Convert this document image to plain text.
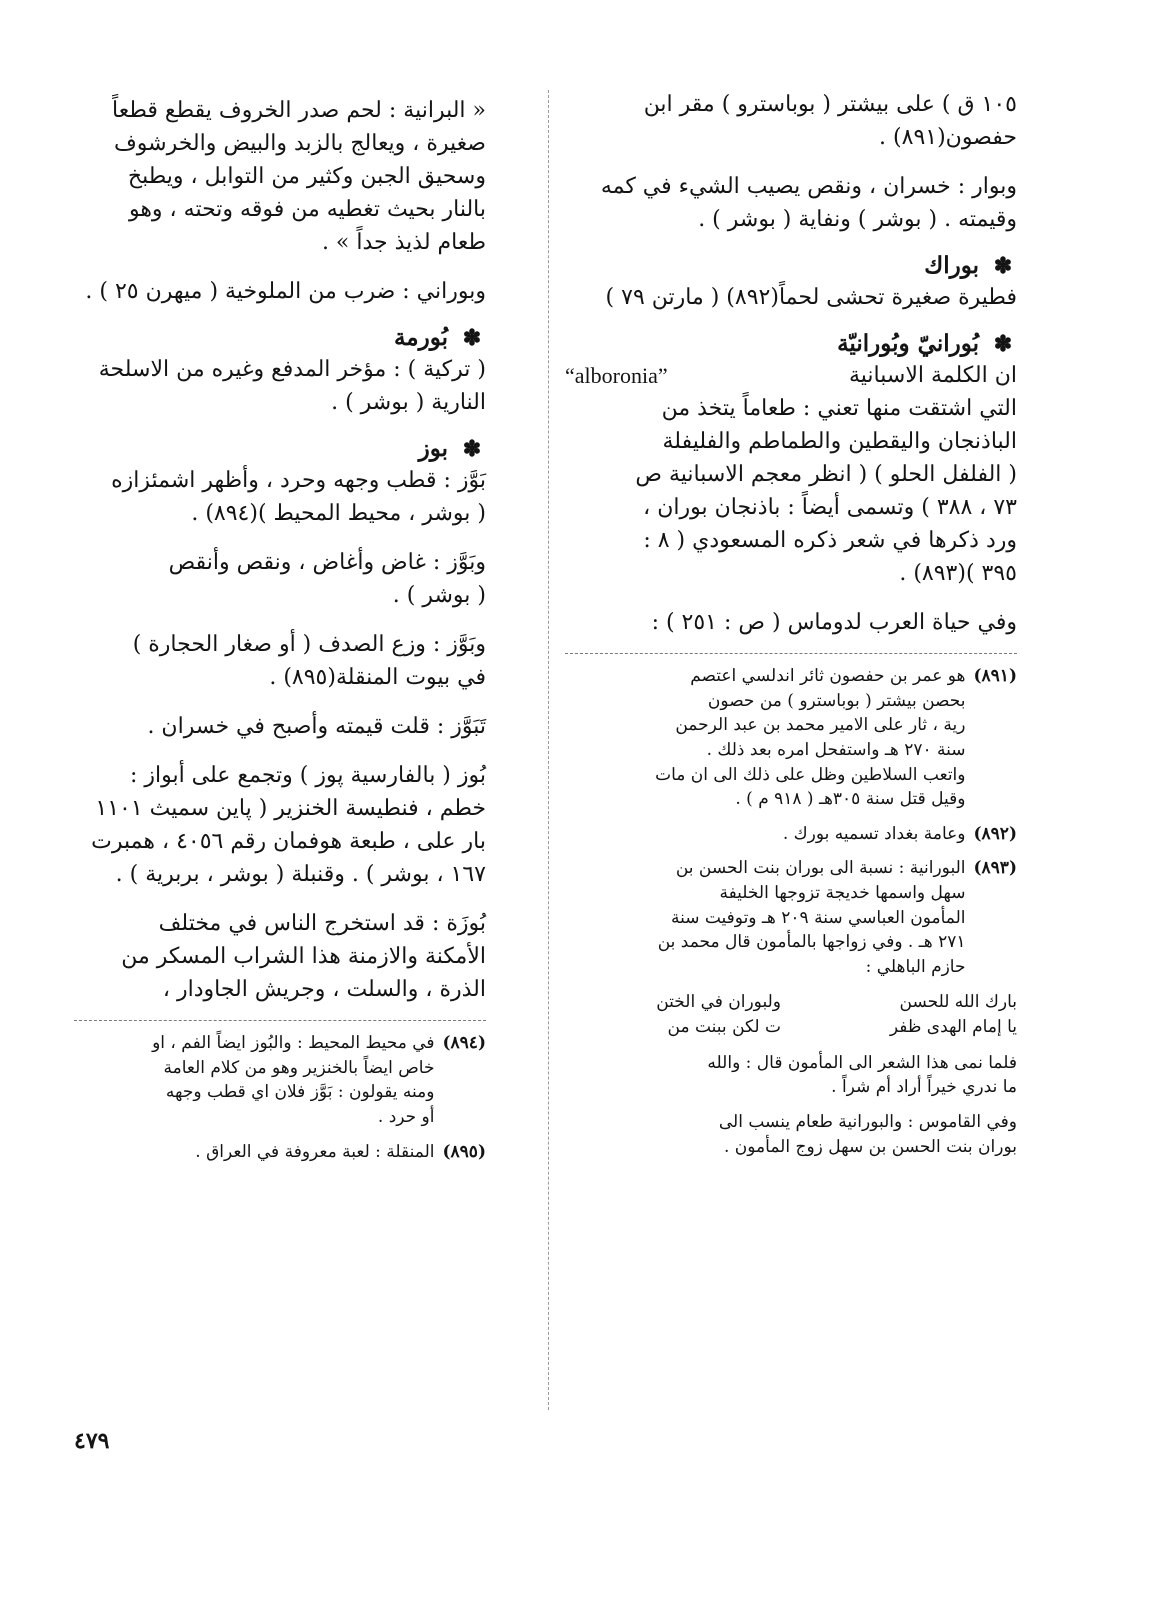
١٠٥ ق ) على بيشتر ( بوباسترو ) مقر ابن
حفصون(٨٩١) .

وبوار : خسران ، ونقص يصيب الشيء في كمه
وقيمته . ( بوشر ) ونفاية ( بوشر ) .

✽
بوراك

فطيرة صغيرة تحشى لحماً(٨٩٢) ( مارتن ٧٩ )

✽
بُورانيّ وبُورانيّة
ان الكلمة الاسبانية
“alboronia”

التي اشتقت منها تعني : طعاماً يتخذ من
الباذنجان واليقطين والطماطم والفليفلة
( الفلفل الحلو ) ( انظر معجم الاسبانية ص
٧٣ ، ٣٨٨ ) وتسمى أيضاً : باذنجان بوران ،
ورد ذكرها في شعر ذكره المسعودي ( ٨ :
٣٩٥ )(٨٩٣) .

وفي حياة العرب لدوماس ( ص : ٢٥١ ) :

(٨٩١)
هو عمر بن حفصون ثائر اندلسي اعتصم
بحصن بيشتر ( بوباسترو ) من حصون
رية ، ثار على الامير محمد بن عبد الرحمن
سنة ٢٧٠ هـ واستفحل امره بعد ذلك .
واتعب السلاطين وظل على ذلك الى ان مات
وقيل قتل سنة ٣٠٥هـ ( ٩١٨ م ) .
(٨٩٢)
وعامة بغداد تسميه بورك .
(٨٩٣)
البورانية : نسبة الى بوران بنت الحسن بن
سهل واسمها خديجة تزوجها الخليفة
المأمون العباسي سنة ٢٠٩ هـ وتوفيت سنة
٢٧١ هـ . وفي زواجها بالمأمون قال محمد بن
حازم الباهلي :
بارك الله للحسن
ولبوران في الختن
يا إمام الهدى ظفر
ت لكن ببنت من

فلما نمى هذا الشعر الى المأمون قال : والله
ما ندري خيراً أراد أم شراً .

وفي القاموس : والبورانية طعام ينسب الى
بوران بنت الحسن بن سهل زوج المأمون .

« البرانية : لحم صدر الخروف يقطع قطعاً
صغيرة ، ويعالج بالزبد والبيض والخرشوف
وسحيق الجبن وكثير من التوابل ، ويطبخ
بالنار بحيث تغطيه من فوقه وتحته ، وهو
طعام لذيذ جداً » .

وبوراني : ضرب من الملوخية ( ميهرن ٢٥ ) .

✽
بُورمة

( تركية ) : مؤخر المدفع وغيره من الاسلحة
النارية ( بوشر ) .

✽
بوز

بَوَّز : قطب وجهه وحرد ، وأظهر اشمئزازه
( بوشر ، محيط المحيط )(٨٩٤) .

وبَوَّز : غاض وأغاض ، ونقص وأنقص
( بوشر ) .

وبَوَّز : وزع الصدف ( أو صغار الحجارة )
في بيوت المنقلة(٨٩٥) .

تَبَوَّز : قلت قيمته وأصبح في خسران .

بُوز ( بالفارسية پوز ) وتجمع على أبواز :
خطم ، فنطيسة الخنزير ( پاين سميث ١١٠١
بار على ، طبعة هوفمان رقم ٤٠٥٦ ، همبرت
١٦٧ ، بوشر ) . وقنبلة ( بوشر ، بربرية ) .

بُوزَة : قد استخرج الناس في مختلف
الأمكنة والازمنة هذا الشراب المسكر من
الذرة ، والسلت ، وجريش الجاودار ،

(٨٩٤)
في محيط المحيط : والبُوز ايضاً الفم ، او
خاص ايضاً بالخنزير وهو من كلام العامة
ومنه يقولون : بَوَّز فلان اي قطب وجهه
أو حرد .
(٨٩٥)
المنقلة : لعبة معروفة في العراق .
٤٧٩
